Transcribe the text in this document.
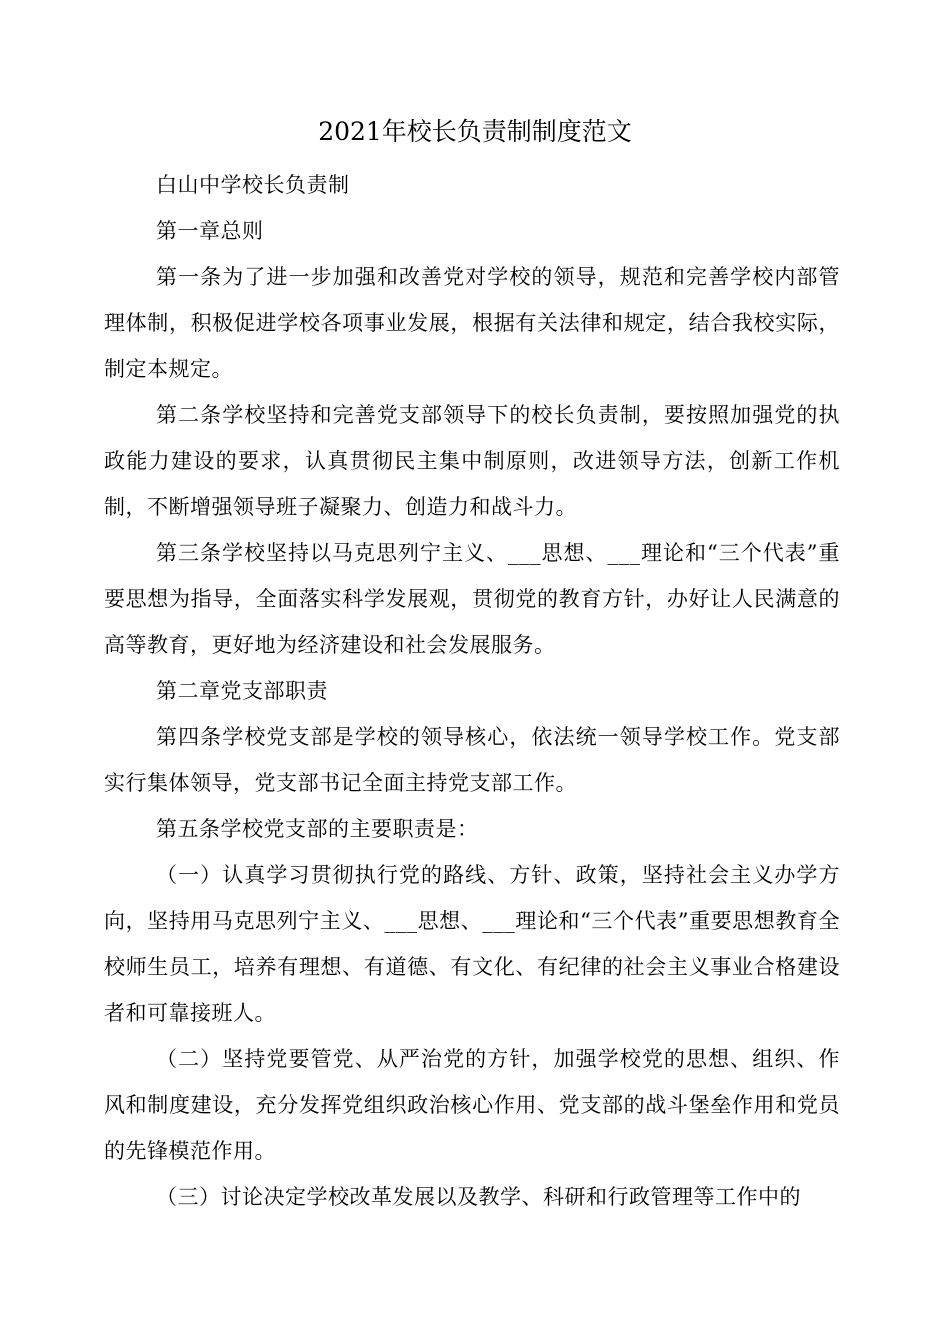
2021年校长负责制制度范文

白山中学校长负责制

第一章总则

第一条为了进一步加强和改善党对学校的领导，规范和完善学校内部管理体制，积极促进学校各项事业发展，根据有关法律和规定，结合我校实际，制定本规定。

第二条学校坚持和完善党支部领导下的校长负责制，要按照加强党的执政能力建设的要求，认真贯彻民主集中制原则，改进领导方法，创新工作机制，不断增强领导班子凝聚力、创造力和战斗力。

第三条学校坚持以马克思列宁主义、___思想、___理论和“三个代表”重要思想为指导，全面落实科学发展观，贯彻党的教育方针，办好让人民满意的高等教育，更好地为经济建设和社会发展服务。

第二章党支部职责

第四条学校党支部是学校的领导核心，依法统一领导学校工作。党支部实行集体领导，党支部书记全面主持党支部工作。

第五条学校党支部的主要职责是：

（一）认真学习贯彻执行党的路线、方针、政策，坚持社会主义办学方向，坚持用马克思列宁主义、___思想、___理论和“三个代表”重要思想教育全校师生员工，培养有理想、有道德、有文化、有纪律的社会主义事业合格建设者和可靠接班人。

（二）坚持党要管党、从严治党的方针，加强学校党的思想、组织、作风和制度建设，充分发挥党组织政治核心作用、党支部的战斗堡垒作用和党员的先锋模范作用。

（三）讨论决定学校改革发展以及教学、科研和行政管理等工作中的
